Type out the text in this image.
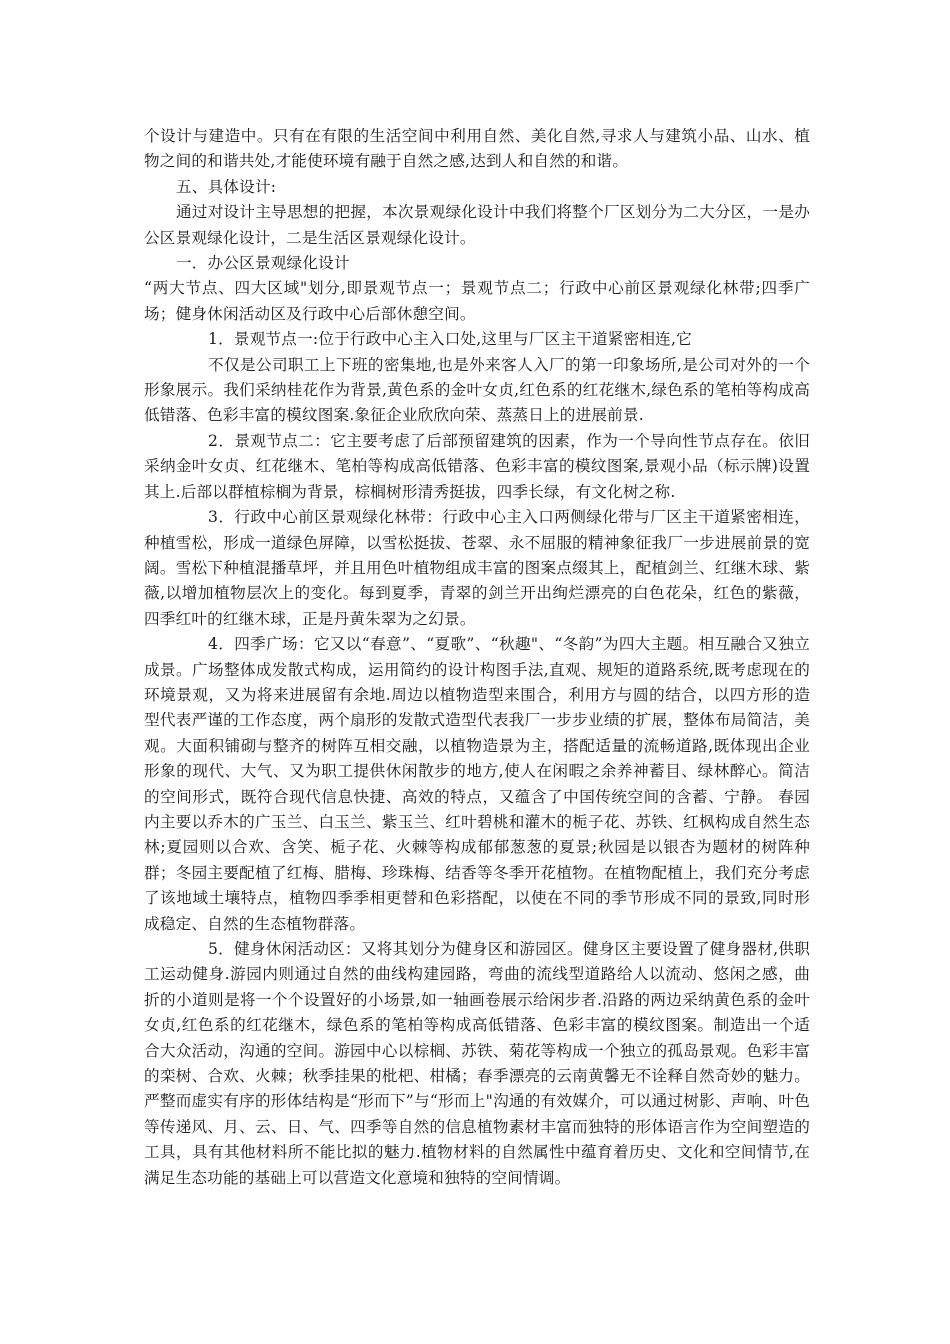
个设计与建造中。只有在有限的生活空间中利用自然、美化自然,寻求人与建筑小品、山水、植物之间的和谐共处,才能使环境有融于自然之感,达到人和自然的和谐。

五、具体设计:

通过对设计主导思想的把握，本次景观绿化设计中我们将整个厂区划分为二大分区，一是办公区景观绿化设计，二是生活区景观绿化设计。

一．办公区景观绿化设计

“两大节点、四大区域"划分,即景观节点一；景观节点二；行政中心前区景观绿化林带;四季广场；健身休闲活动区及行政中心后部休憩空间。

1．景观节点一:位于行政中心主入口处,这里与厂区主干道紧密相连,它

不仅是公司职工上下班的密集地,也是外来客人入厂的第一印象场所,是公司对外的一个形象展示。我们采纳桂花作为背景,黄色系的金叶女贞,红色系的红花继木,绿色系的笔柏等构成高低错落、色彩丰富的模纹图案.象征企业欣欣向荣、蒸蒸日上的进展前景.

2．景观节点二：它主要考虑了后部预留建筑的因素，作为一个导向性节点存在。依旧采纳金叶女贞、红花继木、笔柏等构成高低错落、色彩丰富的模纹图案,景观小品（标示牌)设置其上.后部以群植棕榈为背景，棕榈树形清秀挺拔，四季长绿，有文化树之称.

3．行政中心前区景观绿化林带：行政中心主入口两侧绿化带与厂区主干道紧密相连，种植雪松，形成一道绿色屏障，以雪松挺拔、苍翠、永不屈服的精神象征我厂一步进展前景的宽阔。雪松下种植混播草坪，并且用色叶植物组成丰富的图案点缀其上，配植剑兰、红继木球、紫薇,以增加植物层次上的变化。每到夏季，青翠的剑兰开出绚烂漂亮的白色花朵，红色的紫薇，四季红叶的红继木球，正是丹黄朱翠为之幻景。

4．四季广场：它又以“春意”、“夏歌”、“秋趣"、“冬韵”为四大主题。相互融合又独立成景。广场整体成发散式构成，运用简约的设计构图手法,直观、规矩的道路系统,既考虑现在的环境景观，又为将来进展留有余地.周边以植物造型来围合，利用方与圆的结合，以四方形的造型代表严谨的工作态度，两个扇形的发散式造型代表我厂一步步业绩的扩展，整体布局简洁，美观。大面积铺砌与整齐的树阵互相交融，以植物造景为主，搭配适量的流畅道路,既体现出企业形象的现代、大气、又为职工提供休闲散步的地方,使人在闲暇之余养神蓄目、绿林醉心。简洁的空间形式，既符合现代信息快捷、高效的特点，又蕴含了中国传统空间的含蓄、宁静。 春园内主要以乔木的广玉兰、白玉兰、紫玉兰、红叶碧桃和灌木的栀子花、苏铁、红枫构成自然生态林;夏园则以合欢、含笑、栀子花、火棘等构成郁郁葱葱的夏景;秋园是以银杏为题材的树阵种群；冬园主要配植了红梅、腊梅、珍珠梅、结香等冬季开花植物。在植物配植上，我们充分考虑了该地域土壤特点，植物四季季相更替和色彩搭配，以使在不同的季节形成不同的景致,同时形成稳定、自然的生态植物群落。

5．健身休闲活动区：又将其划分为健身区和游园区。健身区主要设置了健身器材,供职工运动健身.游园内则通过自然的曲线构建园路，弯曲的流线型道路给人以流动、悠闲之感，曲折的小道则是将一个个设置好的小场景,如一轴画卷展示给闲步者.沿路的两边采纳黄色系的金叶女贞,红色系的红花继木，绿色系的笔柏等构成高低错落、色彩丰富的模纹图案。制造出一个适合大众活动，沟通的空间。游园中心以棕榈、苏铁、菊花等构成一个独立的孤岛景观。色彩丰富的栾树、合欢、火棘；秋季挂果的枇杷、柑橘；春季漂亮的云南黄馨无不诠释自然奇妙的魅力。严整而虚实有序的形体结构是“形而下”与“形而上"沟通的有效媒介，可以通过树影、声响、叶色等传递风、月、云、日、气、四季等自然的信息植物素材丰富而独特的形体语言作为空间塑造的工具，具有其他材料所不能比拟的魅力.植物材料的自然属性中蕴育着历史、文化和空间情节,在满足生态功能的基础上可以营造文化意境和独特的空间情调。
